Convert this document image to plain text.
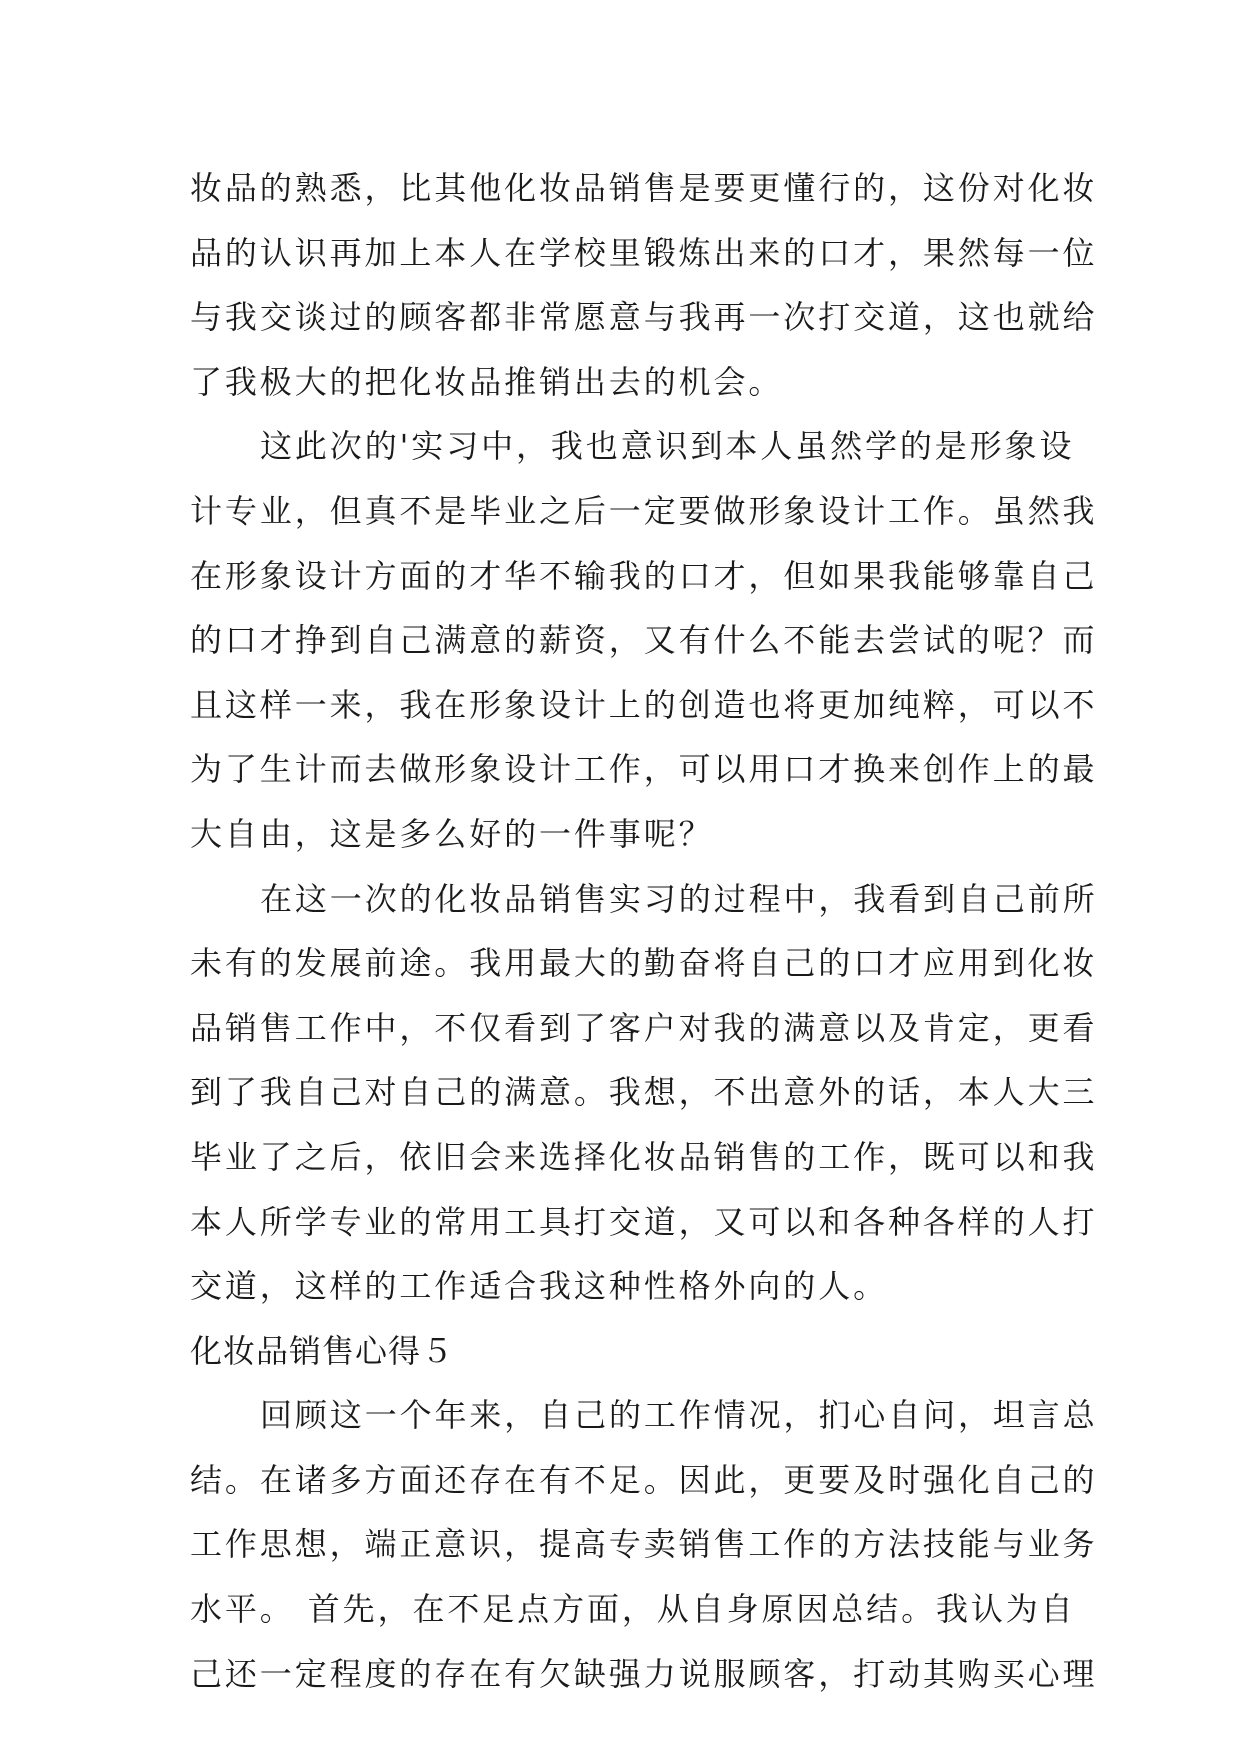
妆品的熟悉，比其他化妆品销售是要更懂行的，这份对化妆
品的认识再加上本人在学校里锻炼出来的口才，果然每一位
与我交谈过的顾客都非常愿意与我再一次打交道，这也就给
了我极大的把化妆品推销出去的机会。
这此次的'实习中，我也意识到本人虽然学的是形象设
计专业，但真不是毕业之后一定要做形象设计工作。虽然我
在形象设计方面的才华不输我的口才，但如果我能够靠自己
的口才挣到自己满意的薪资，又有什么不能去尝试的呢？而
且这样一来，我在形象设计上的创造也将更加纯粹，可以不
为了生计而去做形象设计工作，可以用口才换来创作上的最
大自由，这是多么好的一件事呢？
在这一次的化妆品销售实习的过程中，我看到自己前所
未有的发展前途。我用最大的勤奋将自己的口才应用到化妆
品销售工作中，不仅看到了客户对我的满意以及肯定，更看
到了我自己对自己的满意。我想，不出意外的话，本人大三
毕业了之后，依旧会来选择化妆品销售的工作，既可以和我
本人所学专业的常用工具打交道，又可以和各种各样的人打
交道，这样的工作适合我这种性格外向的人。
化妆品销售心得５
回顾这一个年来，自己的工作情况，扪心自问，坦言总
结。在诸多方面还存在有不足。因此，更要及时强化自己的
工作思想，端正意识，提高专卖销售工作的方法技能与业务
水平。 首先，在不足点方面，从自身原因总结。我认为自
己还一定程度的存在有欠缺强力说服顾客，打动其购买心理
